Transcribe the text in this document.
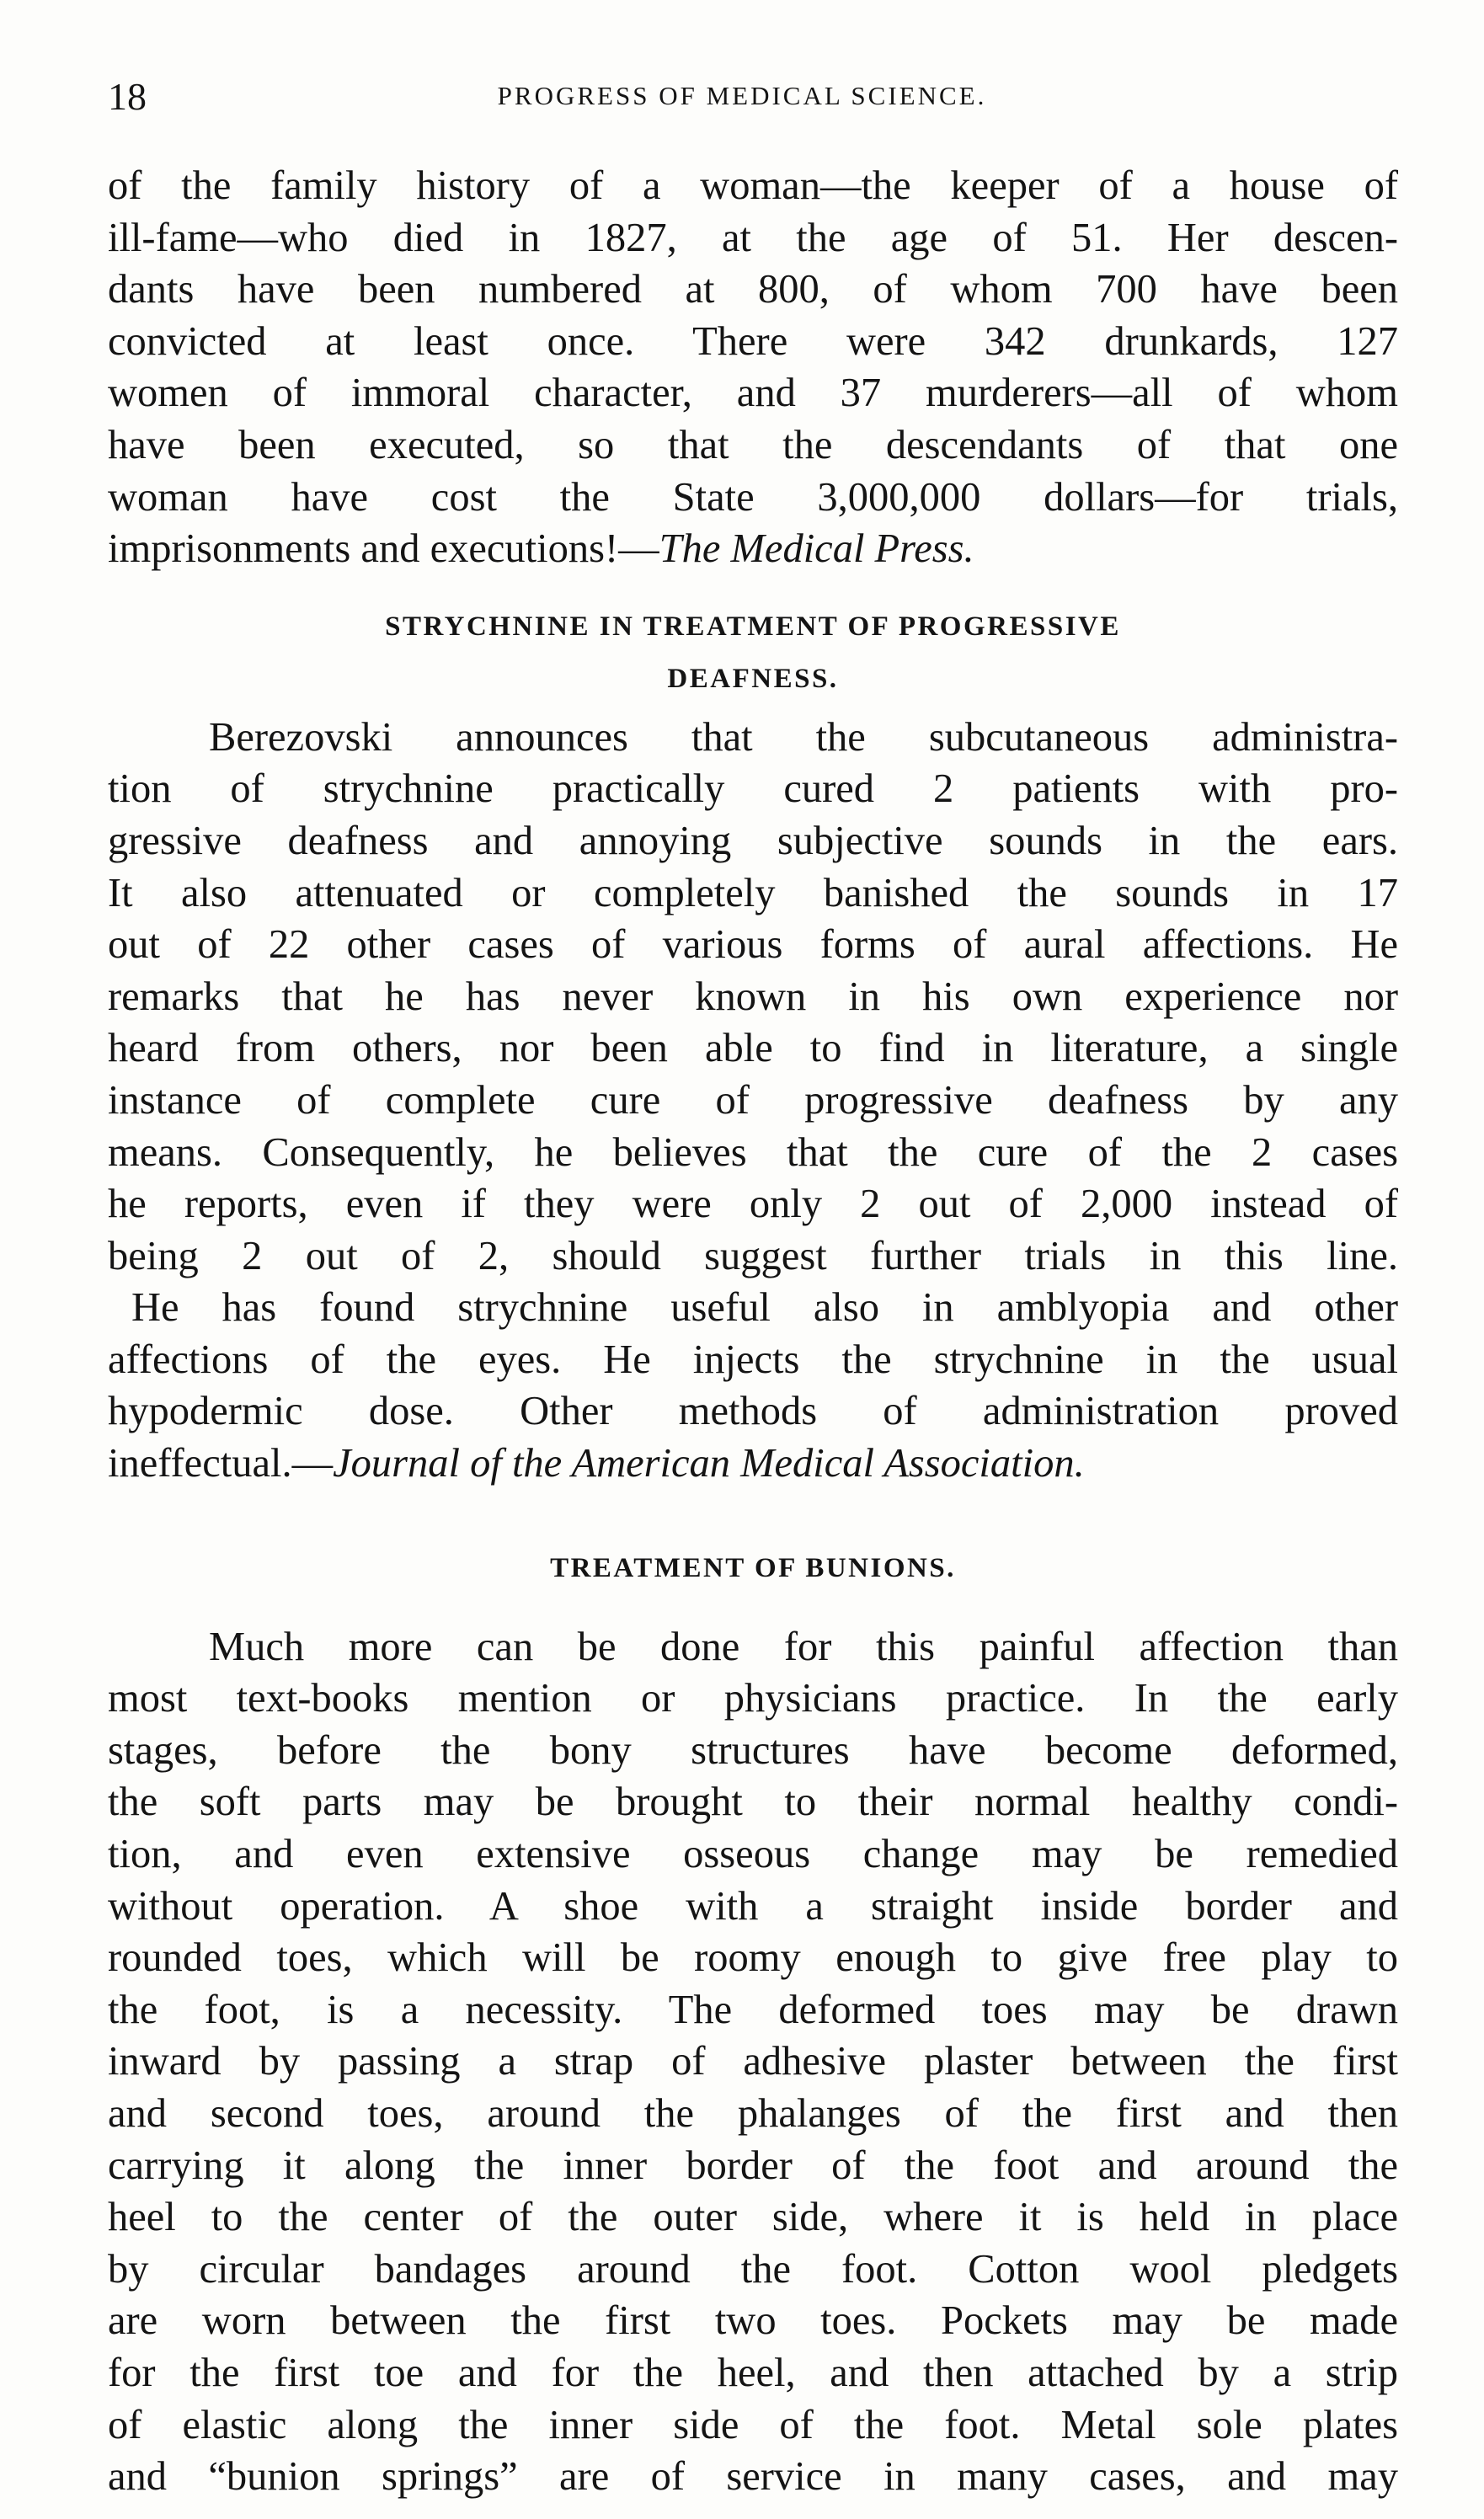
18	PROGRESS OF MEDICAL SCIENCE.
of the family history of a woman—the keeper of a house of
ill-fame—who died in 1827, at the age of 51. Her descen-
dants have been numbered at 800, of whom 700 have been
convicted at least once. There were 342 drunkards, 127
women of immoral character, and 37 murderers—all of whom
have been executed, so that the descendants of that one
woman have cost the State 3,000,000 dollars—for trials,
imprisonments and executions!—The Medical Press.
STRYCHNINE IN TREATMENT OF PROGRESSIVE
DEAFNESS.
Berezovski announces that the subcutaneous administra-
tion of strychnine practically cured 2 patients with pro-
gressive deafness and annoying subjective sounds in the ears.
It also attenuated or completely banished the sounds in 17
out of 22 other cases of various forms of aural affections. He
remarks that he has never known in his own experience nor
heard from others, nor been able to find in literature, a single
instance of complete cure of progressive deafness by any
means. Consequently, he believes that the cure of the 2 cases
he reports, even if they were only 2 out of 2,000 instead of
being 2 out of 2, should suggest further trials in this line.
He has found strychnine useful also in amblyopia and other
affections of the eyes. He injects the strychnine in the usual
hypodermic dose. Other methods of administration proved
ineffectual.—Journal of the American Medical Association.
TREATMENT OF BUNIONS.
Much more can be done for this painful affection than
most text-books mention or physicians practice. In the early
stages, before the bony structures have become deformed,
the soft parts may be brought to their normal healthy condi-
tion, and even extensive osseous change may be remedied
without operation. A shoe with a straight inside border and
rounded toes, which will be roomy enough to give free play to
the foot, is a necessity. The deformed toes may be drawn
inward by passing a strap of adhesive plaster between the first
and second toes, around the phalanges of the first and then
carrying it along the inner border of the foot and around the
heel to the center of the outer side, where it is held in place
by circular bandages around the foot. Cotton wool pledgets
are worn between the first two toes. Pockets may be made
for the first toe and for the heel, and then attached by a strip
of elastic along the inner side of the foot. Metal sole plates
and “bunion springs” are of service in many cases, and may
